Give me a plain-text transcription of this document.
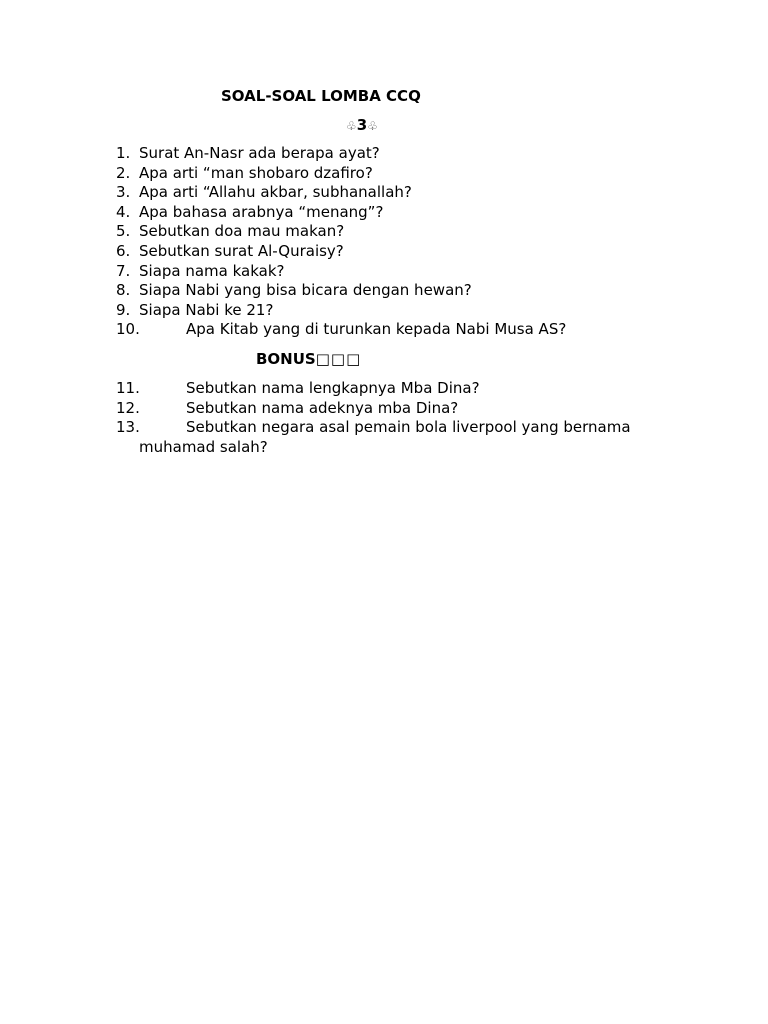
SOAL-SOAL LOMBA CCQ
♧3♧
1. Surat An-Nasr ada berapa ayat?
2. Apa arti “man shobaro dzafiro?
3. Apa arti “Allahu akbar, subhanallah?
4. Apa bahasa arabnya “menang”?
5. Sebutkan doa mau makan?
6. Sebutkan surat Al-Quraisy?
7. Siapa nama kakak?
8. Siapa Nabi yang bisa bicara dengan hewan?
9. Siapa Nabi ke 21?
10.	Apa Kitab yang di turunkan kepada Nabi Musa AS?
BONUS□□□
11.	Sebutkan nama lengkapnya Mba Dina?
12.	Sebutkan nama adeknya mba Dina?
13.	Sebutkan negara asal pemain bola liverpool yang bernama
muhamad salah?
